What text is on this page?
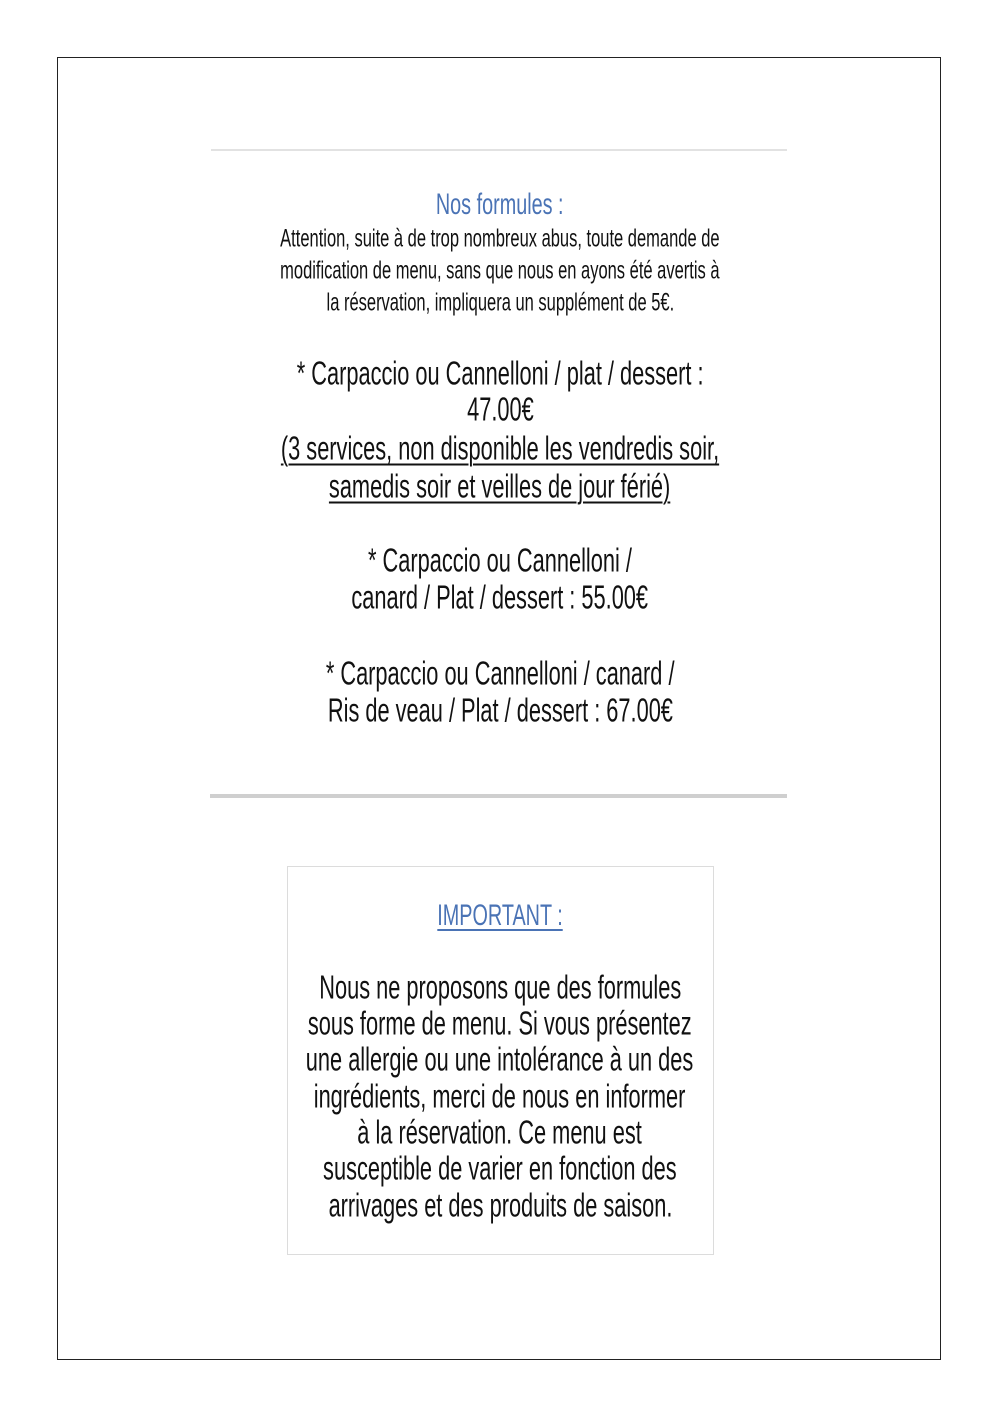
Nos formules :
Attention, suite à de trop nombreux abus, toute demande de
modification de menu, sans que nous en ayons été avertis à
la réservation, impliquera un supplément de 5€.
* Carpaccio ou Cannelloni / plat / dessert :
47.00€
(3 services, non disponible les vendredis soir,
samedis soir et veilles de jour férié)
* Carpaccio ou Cannelloni /
canard / Plat / dessert : 55.00€
* Carpaccio ou Cannelloni / canard /
Ris de veau / Plat / dessert : 67.00€
IMPORTANT :
Nous ne proposons que des formules
sous forme de menu. Si vous présentez
une allergie ou une intolérance à un des
ingrédients, merci de nous en informer
à la réservation. Ce menu est
susceptible de varier en fonction des
arrivages et des produits de saison.
